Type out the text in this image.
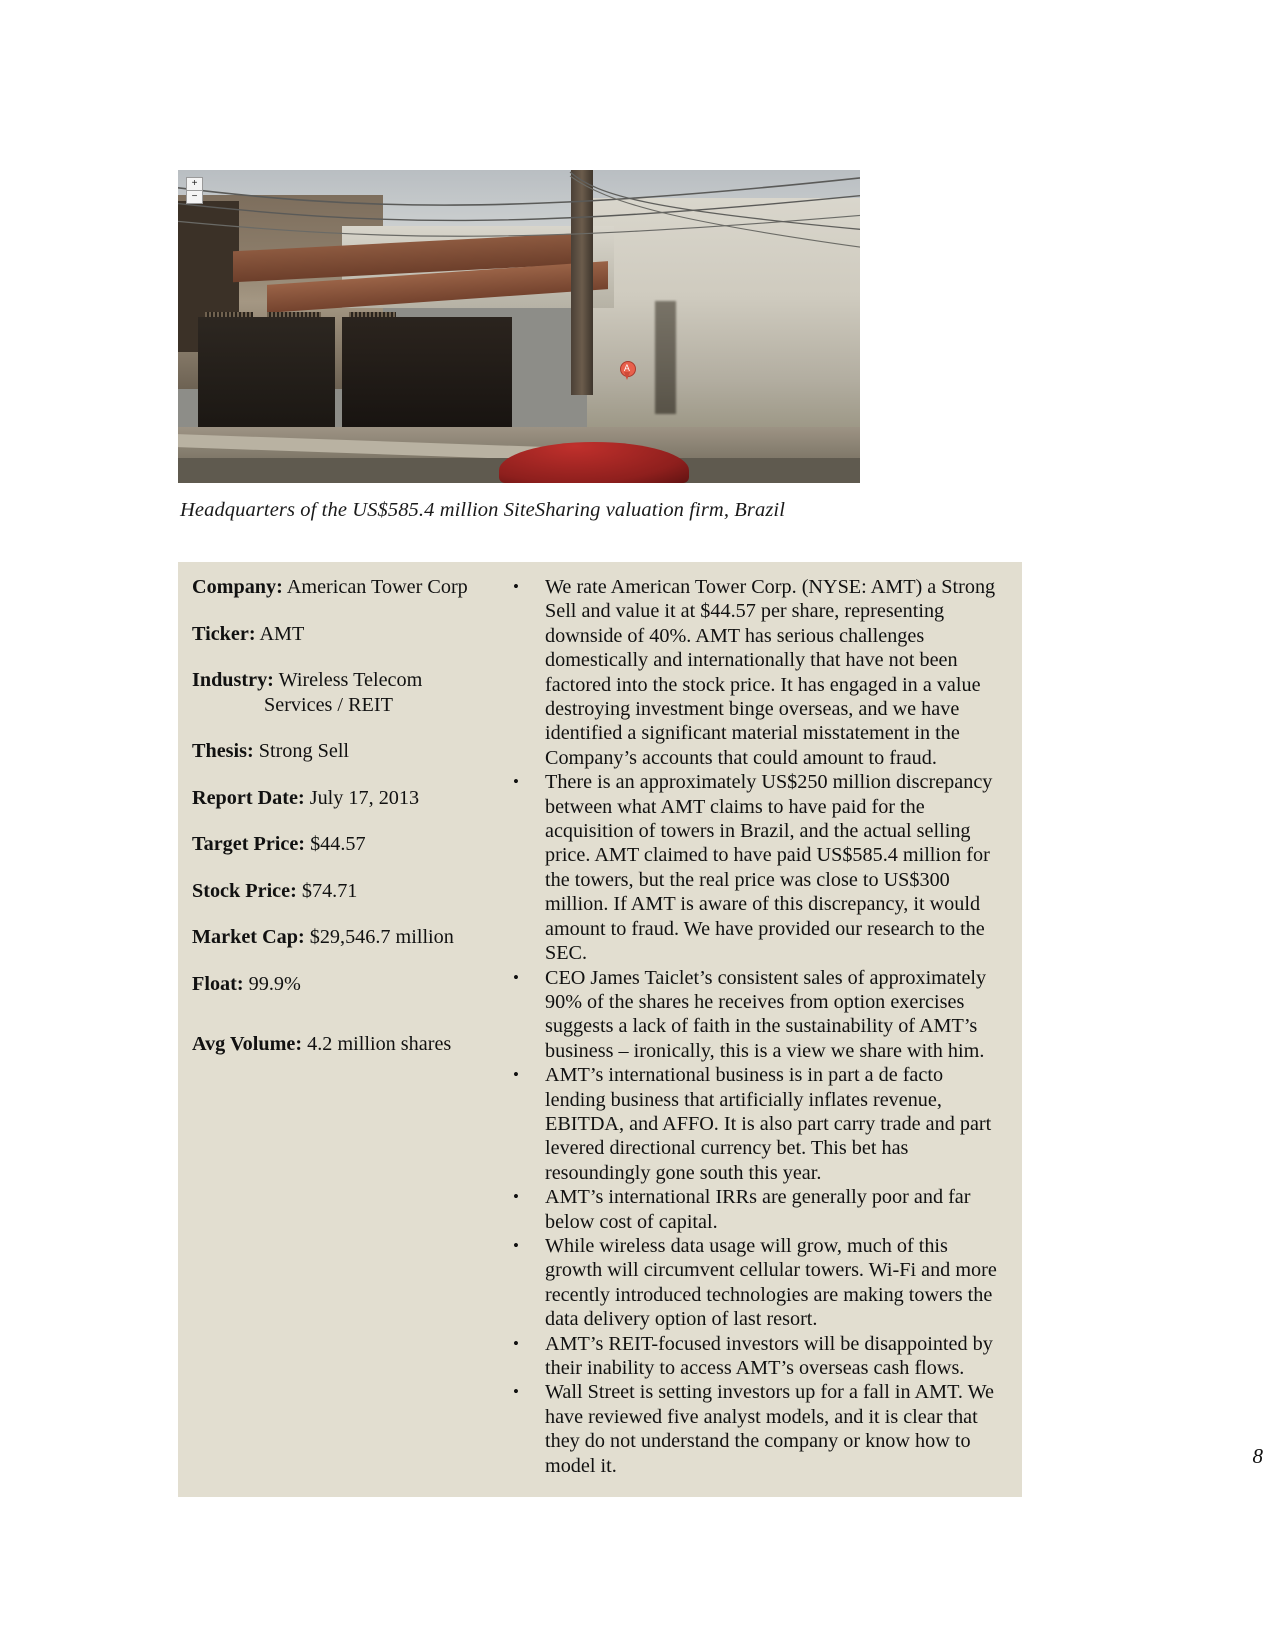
+
−
A
Headquarters of the US$585.4 million SiteSharing valuation firm, Brazil

Company: American Tower Corp

Ticker: AMT

Industry: Wireless Telecom Services / REIT

Thesis: Strong Sell

Report Date: July 17, 2013

Target Price: $44.57

Stock Price: $74.71

Market Cap: $29,546.7 million

Float: 99.9%

Avg Volume: 4.2 million shares

• We rate American Tower Corp. (NYSE: AMT) a Strong Sell and value it at $44.57 per share, representing downside of 40%. AMT has serious challenges domestically and internationally that have not been factored into the stock price. It has engaged in a value destroying investment binge overseas, and we have identified a significant material misstatement in the Company’s accounts that could amount to fraud.
• There is an approximately US$250 million discrepancy between what AMT claims to have paid for the acquisition of towers in Brazil, and the actual selling price. AMT claimed to have paid US$585.4 million for the towers, but the real price was close to US$300 million. If AMT is aware of this discrepancy, it would amount to fraud. We have provided our research to the SEC.
• CEO James Taiclet’s consistent sales of approximately 90% of the shares he receives from option exercises suggests a lack of faith in the sustainability of AMT’s business – ironically, this is a view we share with him.
• AMT’s international business is in part a de facto lending business that artificially inflates revenue, EBITDA, and AFFO. It is also part carry trade and part levered directional currency bet. This bet has resoundingly gone south this year.
• AMT’s international IRRs are generally poor and far below cost of capital.
• While wireless data usage will grow, much of this growth will circumvent cellular towers. Wi-Fi and more recently introduced technologies are making towers the data delivery option of last resort.
• AMT’s REIT-focused investors will be disappointed by their inability to access AMT’s overseas cash flows.
• Wall Street is setting investors up for a fall in AMT. We have reviewed five analyst models, and it is clear that they do not understand the company or know how to model it.	8
